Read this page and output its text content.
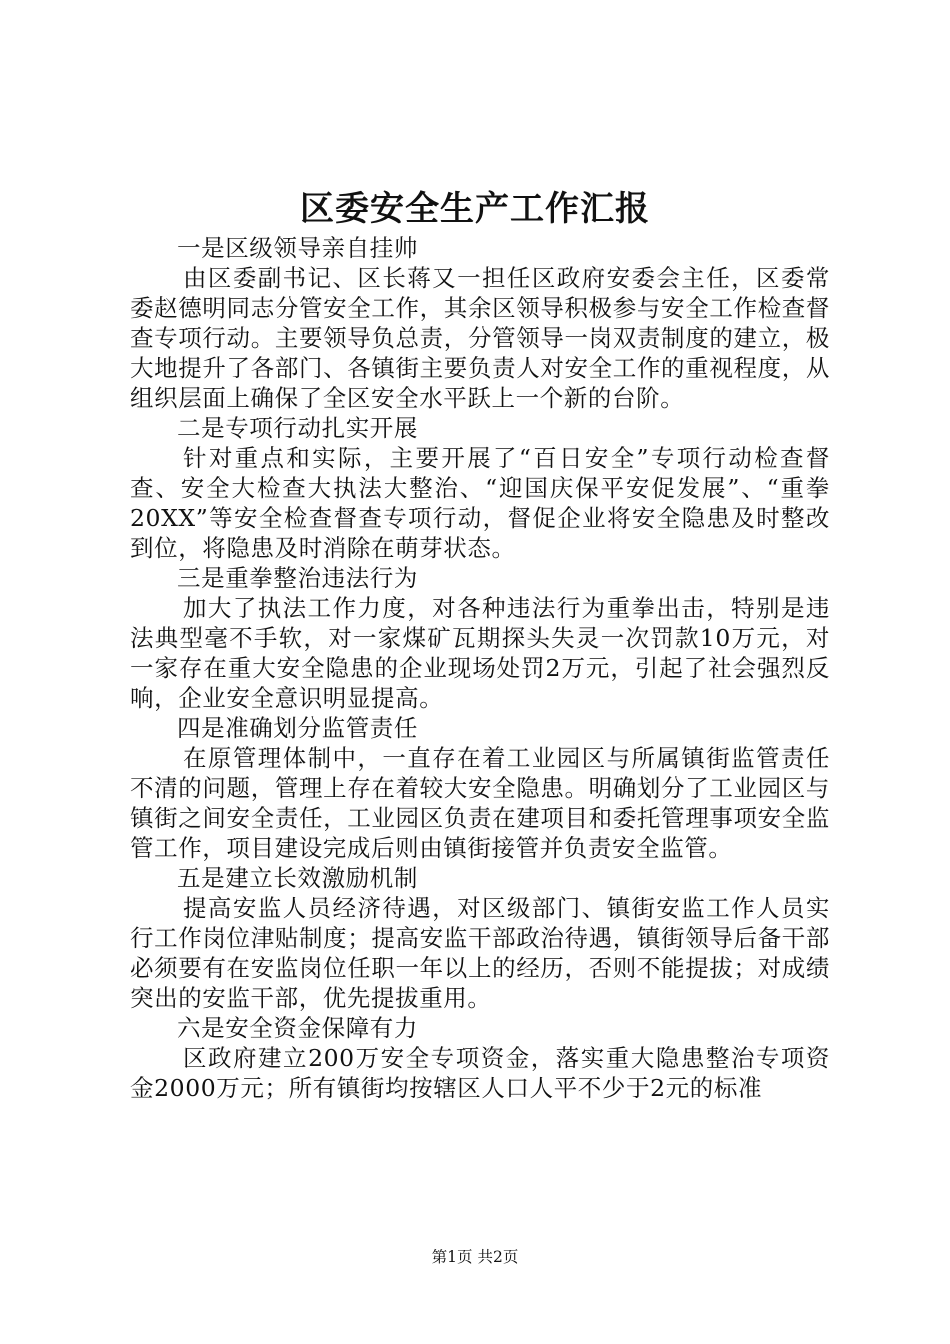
区委安全生产工作汇报

一是区级领导亲自挂帅

由区委副书记、区长蒋又一担任区政府安委会主任，区委常委赵德明同志分管安全工作，其余区领导积极参与安全工作检查督查专项行动。主要领导负总责，分管领导一岗双责制度的建立，极大地提升了各部门、各镇街主要负责人对安全工作的重视程度，从组织层面上确保了全区安全水平跃上一个新的台阶。

二是专项行动扎实开展

针对重点和实际，主要开展了“百日安全”专项行动检查督查、安全大检查大执法大整治、“迎国庆保平安促发展”、“重拳20XX”等安全检查督查专项行动，督促企业将安全隐患及时整改到位，将隐患及时消除在萌芽状态。

三是重拳整治违法行为

加大了执法工作力度，对各种违法行为重拳出击，特别是违法典型毫不手软，对一家煤矿瓦期探头失灵一次罚款10万元，对一家存在重大安全隐患的企业现场处罚2万元，引起了社会强烈反响，企业安全意识明显提高。

四是准确划分监管责任

在原管理体制中，一直存在着工业园区与所属镇街监管责任不清的问题，管理上存在着较大安全隐患。明确划分了工业园区与镇街之间安全责任，工业园区负责在建项目和委托管理事项安全监管工作，项目建设完成后则由镇街接管并负责安全监管。

五是建立长效激励机制

提高安监人员经济待遇，对区级部门、镇街安监工作人员实行工作岗位津贴制度；提高安监干部政治待遇，镇街领导后备干部必须要有在安监岗位任职一年以上的经历，否则不能提拔；对成绩突出的安监干部，优先提拔重用。

六是安全资金保障有力

区政府建立200万安全专项资金，落实重大隐患整治专项资金2000万元；所有镇街均按辖区人口人平不少于2元的标准

第1页 共2页
